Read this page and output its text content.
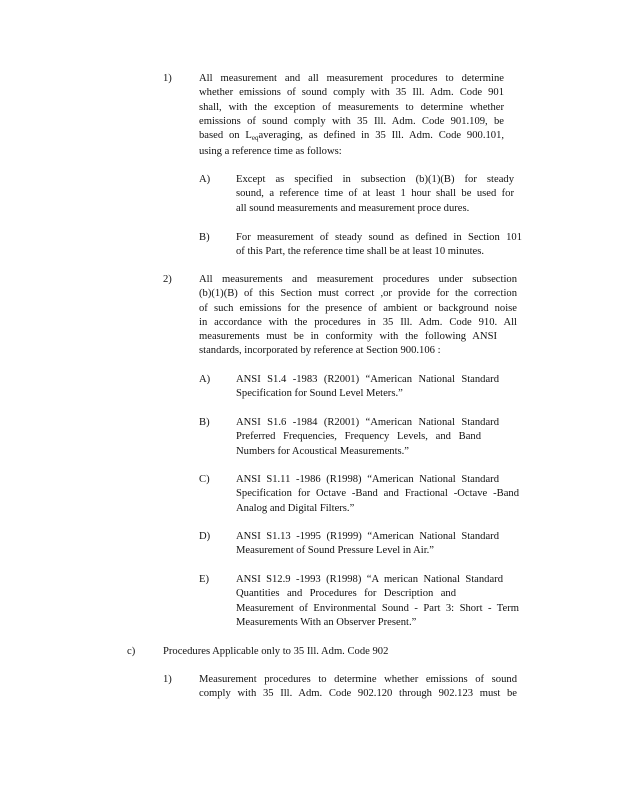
1)	All measurement and all measurement procedures to determine
whether emissions of sound comply with 35 Ill. Adm. Code 901
shall, with the exception of measurements to determine whether
emissions of sound comply with 35 Ill. Adm. Code 901.109, be
based on $L_{eq}averaging$, as defined in 35 Ill. Adm. Code 900.101,
using a reference time as follows:
A) Except as specified in subsection (b)(1)(B) for steady
sound, a reference time of at least 1 hour shall be used for
all sound measurements and measurement proce dures.
B) For measurement of steady sound as defined in Section 101
of this Part, the reference time shall be at least 10 minutes.
2)	All measurements and measurement procedures under subsection
(b)(1)(B) of this Section must correct ,or provide for the correction
of such emissions for the presence of ambient or background noise
in accordance with the procedures in 35 Ill. Adm. Code 910. All
measurements must be in conformity with the following ANSI
standards, incorporated by reference at Section 900.106 :
A) ANSI S1.4 -1983 (R2001) “American National Standard
Specification for Sound Level Meters.”
B) ANSI S1.6 -1984 (R2001) “American National Standard
Preferred Frequencies, Frequency Levels, and Band
Numbers for Acoustical Measurements.”
C) ANSI S1.11 -1986 (R1998) “American National Standard
Specification for Octave -Band and Fractional -Octave -Band
Analog and Digital Filters.”
D) ANSI S1.13 -1995 (R1999) “American National Standard
Measurement of Sound Pressure Level in Air.”
E)	ANSI S12.9 -1993 (R1998) “A merican National Standard
Quantities and Procedures for Description and
Measurement of Environmental Sound - Part 3: Short - Term
Measurements With an Observer Present.”
c)	Procedures Applicable only to 35 Ill. Adm. Code 902
1)	Measurement procedures to determine whether emissions of sound
comply with 35 Ill. Adm. Code 902.120 through 902.123 must be
